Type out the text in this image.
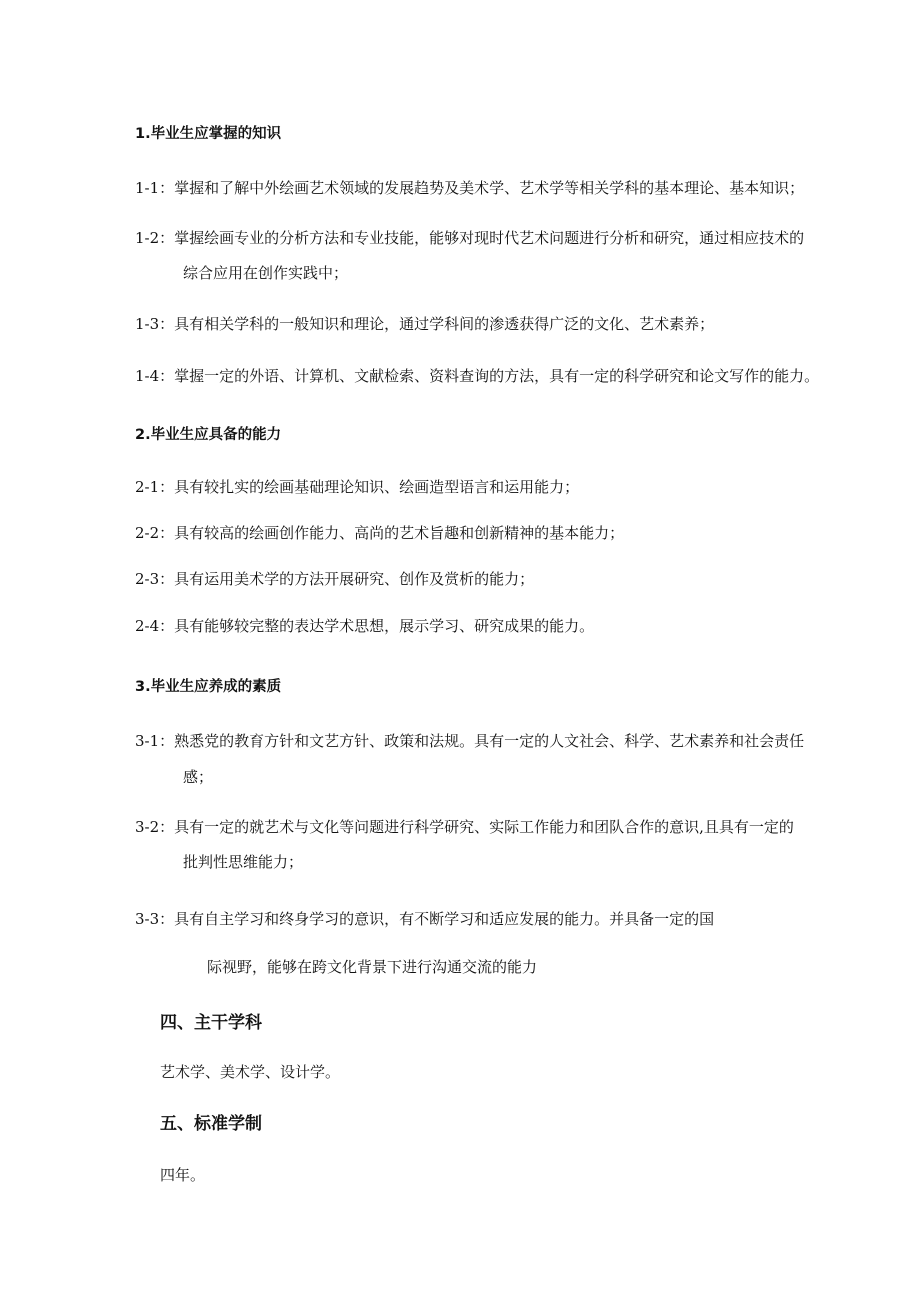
1.毕业生应掌握的知识
1-1：掌握和了解中外绘画艺术领域的发展趋势及美术学、艺术学等相关学科的基本理论、基本知识；
1-2：掌握绘画专业的分析方法和专业技能，能够对现时代艺术问题进行分析和研究，通过相应技术的
综合应用在创作实践中；
1-3：具有相关学科的一般知识和理论，通过学科间的渗透获得广泛的文化、艺术素养；
1-4：掌握一定的外语、计算机、文献检索、资料查询的方法，具有一定的科学研究和论文写作的能力。
2.毕业生应具备的能力
2-1：具有较扎实的绘画基础理论知识、绘画造型语言和运用能力；
2-2：具有较高的绘画创作能力、高尚的艺术旨趣和创新精神的基本能力；
2-3：具有运用美术学的方法开展研究、创作及赏析的能力；
2-4：具有能够较完整的表达学术思想，展示学习、研究成果的能力。
3.毕业生应养成的素质
3-1：熟悉党的教育方针和文艺方针、政策和法规。具有一定的人文社会、科学、艺术素养和社会责任
感；
3-2：具有一定的就艺术与文化等问题进行科学研究、实际工作能力和团队合作的意识,且具有一定的
批判性思维能力；
3-3：具有自主学习和终身学习的意识，有不断学习和适应发展的能力。并具备一定的国
际视野，能够在跨文化背景下进行沟通交流的能力
四、主干学科
艺术学、美术学、设计学。
五、标准学制
四年。
